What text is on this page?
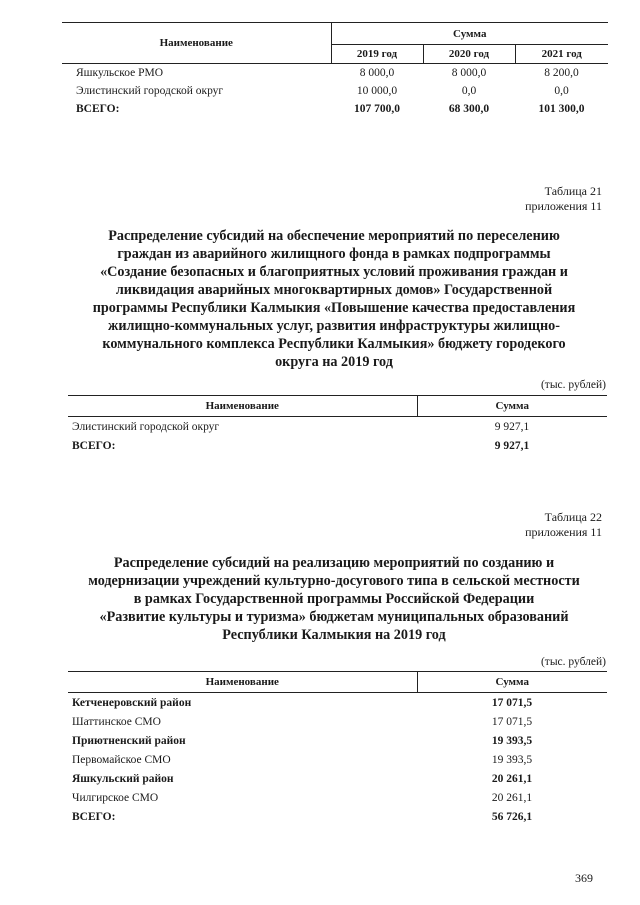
Наименование	Сумма		
	2019 год	2020 год	2021 год
Яшкульское РМО	8 000,0	8 000,0	8 200,0
Элистинский городской округ	10 000,0	0,0	0,0
ВСЕГО:	107 700,0	68 300,0	101 300,0
Таблица 21
приложения 11
Распределение субсидий на обеспечение мероприятий по переселению
граждан из аварийного жилищного фонда в рамках подпрограммы
«Создание безопасных и благоприятных условий проживания граждан и
ликвидация аварийных многоквартирных домов» Государственной
программы Республики Калмыкия «Повышение качества предоставления
жилищно-коммунальных услуг, развития инфраструктуры жилищно-
коммунального комплекса Республики Калмыкия» бюджету городекого
округа на 2019 год
(тыс. рублей)
Наименование	Сумма
Элистинский городской округ	9 927,1
ВСЕГО:	9 927,1
Таблица 22
приложения 11
Распределение субсидий на реализацию мероприятий по созданию и
модернизации учреждений культурно-досугового типа в сельской местности
в рамках Государственной программы Российской Федерации
«Развитие культуры и туризма» бюджетам муниципальных образований
Республики Калмыкия на 2019 год
(тыс. рублей)
Наименование	Сумма
Кетченеровский район	17 071,5
Шаттинское СМО	17 071,5
Приютненский район	19 393,5
Первомайское СМО	19 393,5
Яшкульский район	20 261,1
Чилгирское СМО	20 261,1
ВСЕГО:	56 726,1
369
